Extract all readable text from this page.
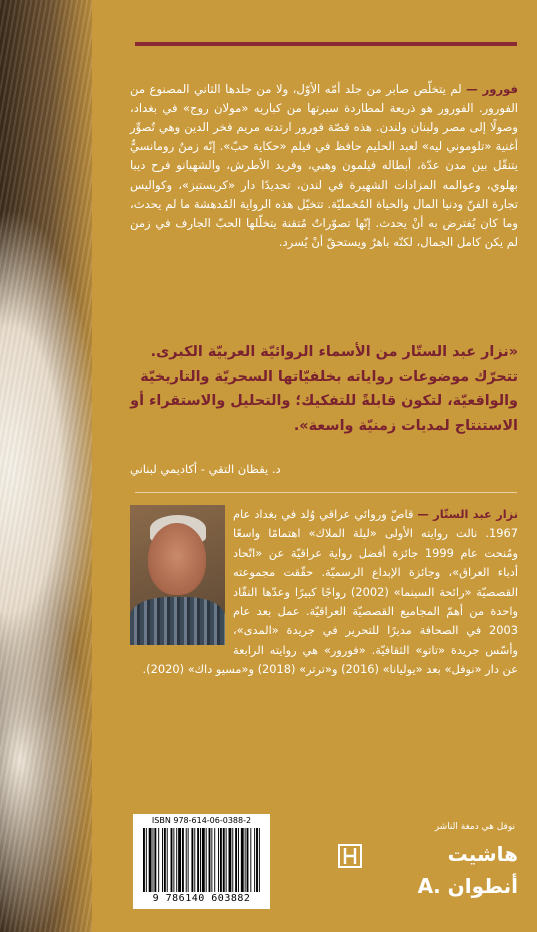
فورور — لم يتخلّص صابر من جلد أمّه الأوّل، ولا من جلدها الثاني المصنوع من الفورور. الفورور هو ذريعة لمطاردة سيرتها من كباريه «مولان روج» في بغداد، وصولًا إلى مصر ولبنان ولندن. هذه قصّة فورور ارتدته مريم فخر الدين وهي تُصوِّر أغنية «تلوموني ليه» لعبد الحليم حافظ في فيلم «حكاية حبّ». إنّه زمنٌ رومانسيٌّ يتنقّل بين مدن عدّة، أبطاله فيلمون وهبي، وفريد الأطرش، والشهبانو فرح ديبا بهلوي، وعوالمه المزادات الشهيرة في لندن، تحديدًا دار «كريستيز»، وكواليس تجارة الفنّ ودنيا المال والحياة المُخمليّة. تتخيّل هذه الرواية المُدهشة ما لم يحدث، وما كان يُفترض به أنْ يحدث. إنّها تصوّراتٌ مُتقنة يتخلّلها الحبّ الجارف في زمن لم يكن كامل الجمال، لكنّه باهرٌ ويستحقّ أنْ يُسرد.

«نزار عبد الستّار من الأسماء الروائيّة العربيّة الكبرى. تتحرّك موضوعات رواياته بخلفيّاتها السحريّة والتاريخيّة والواقعيّة، لتكون قابلةً للتفكيك؛ والتحليل والاستقراء أو الاستنتاج لمديات زمنيّة واسعة».
د. يقظان التقي - أكاديمي لبناني
نزار عبد الستّار — قاصّ وروائي عراقي وُلد في بغداد عام 1967. نالت روايته الأولى «ليلة الملاك» اهتمامًا واسعًا ومُنحت عام 1999 جائزة أفضل رواية عراقيّة عن «اتّحاد أدباء العراق»، وجائزة الإبداع الرسميّة. حقّقت مجموعته القصصيّة «رائحة السينما» (2002) رواجًا كبيرًا وعدّها النقّاد واحدة من أهمّ المجاميع القصصيّة العراقيّة. عمل بعد عام 2003 في الصحافة مديرًا للتحرير في جريدة «المدى»، وأسّس جريدة «تاتو» الثقافيّة. «فورور» هي روايته الرابعة عن دار «نوفل» بعد «يوليانا» (2016) و«ترتر» (2018) و«مسيو داك» (2020).
ISBN 978-614-06-0388-2
9 786140 603882
نوفل هي دمغة الناشر
هاشيت
أنطوان .A
